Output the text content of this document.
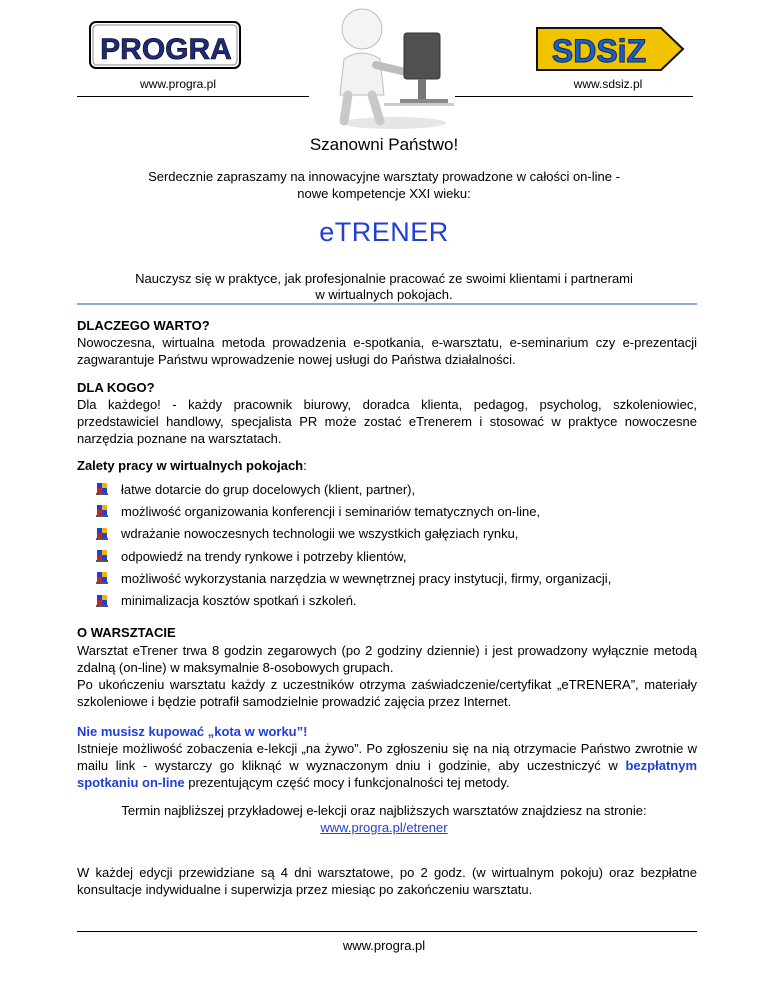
PROGRA
www.progra.pl
SDSiZ
www.sdsiz.pl
Szanowni Państwo!
Serdecznie zapraszamy na innowacyjne warsztaty prowadzone w całości on-line -
nowe kompetencje XXI wieku:
eTRENER
Nauczysz się w praktyce, jak profesjonalnie pracować ze swoimi klientami i partnerami
w wirtualnych pokojach.
DLACZEGO WARTO?
Nowoczesna, wirtualna metoda prowadzenia e-spotkania, e-warsztatu, e-seminarium czy e-prezentacji zagwarantuje Państwu wprowadzenie nowej usługi do Państwa działalności.
DLA KOGO?
Dla każdego! - każdy pracownik biurowy, doradca klienta, pedagog, psycholog, szkoleniowiec, przedstawiciel handlowy, specjalista PR może zostać eTrenerem i stosować w praktyce nowoczesne narzędzia poznane na warsztatach.
Zalety pracy w wirtualnych pokojach:
łatwe dotarcie do grup docelowych (klient, partner),
możliwość organizowania konferencji i seminariów tematycznych on-line,
wdrażanie nowoczesnych technologii we wszystkich gałęziach rynku,
odpowiedź na trendy rynkowe i potrzeby klientów,
możliwość wykorzystania narzędzia w wewnętrznej pracy instytucji, firmy, organizacji,
minimalizacja kosztów spotkań i szkoleń.
O WARSZTACIE
Warsztat eTrener trwa 8 godzin zegarowych (po 2 godziny dziennie) i jest prowadzony wyłącznie metodą zdalną (on-line) w maksymalnie 8-osobowych grupach.
Po ukończeniu warsztatu każdy z uczestników otrzyma zaświadczenie/certyfikat „eTRENERA”, materiały szkoleniowe i będzie potrafił samodzielnie prowadzić zajęcia przez Internet.
Nie musisz kupować „kota w worku”!
Istnieje możliwość zobaczenia e-lekcji „na żywo”. Po zgłoszeniu się na nią otrzymacie Państwo zwrotnie w mailu link - wystarczy go kliknąć w wyznaczonym dniu i godzinie, aby uczestniczyć w bezpłatnym spotkaniu on-line prezentującym część mocy i funkcjonalności tej metody.
Termin najbliższej przykładowej e-lekcji oraz najbliższych warsztatów znajdziesz na stronie:
www.progra.pl/etrener
W każdej edycji przewidziane są 4 dni warsztatowe, po 2 godz. (w wirtualnym pokoju) oraz bezpłatne konsultacje indywidualne i superwizja przez miesiąc po zakończeniu warsztatu.
www.progra.pl
